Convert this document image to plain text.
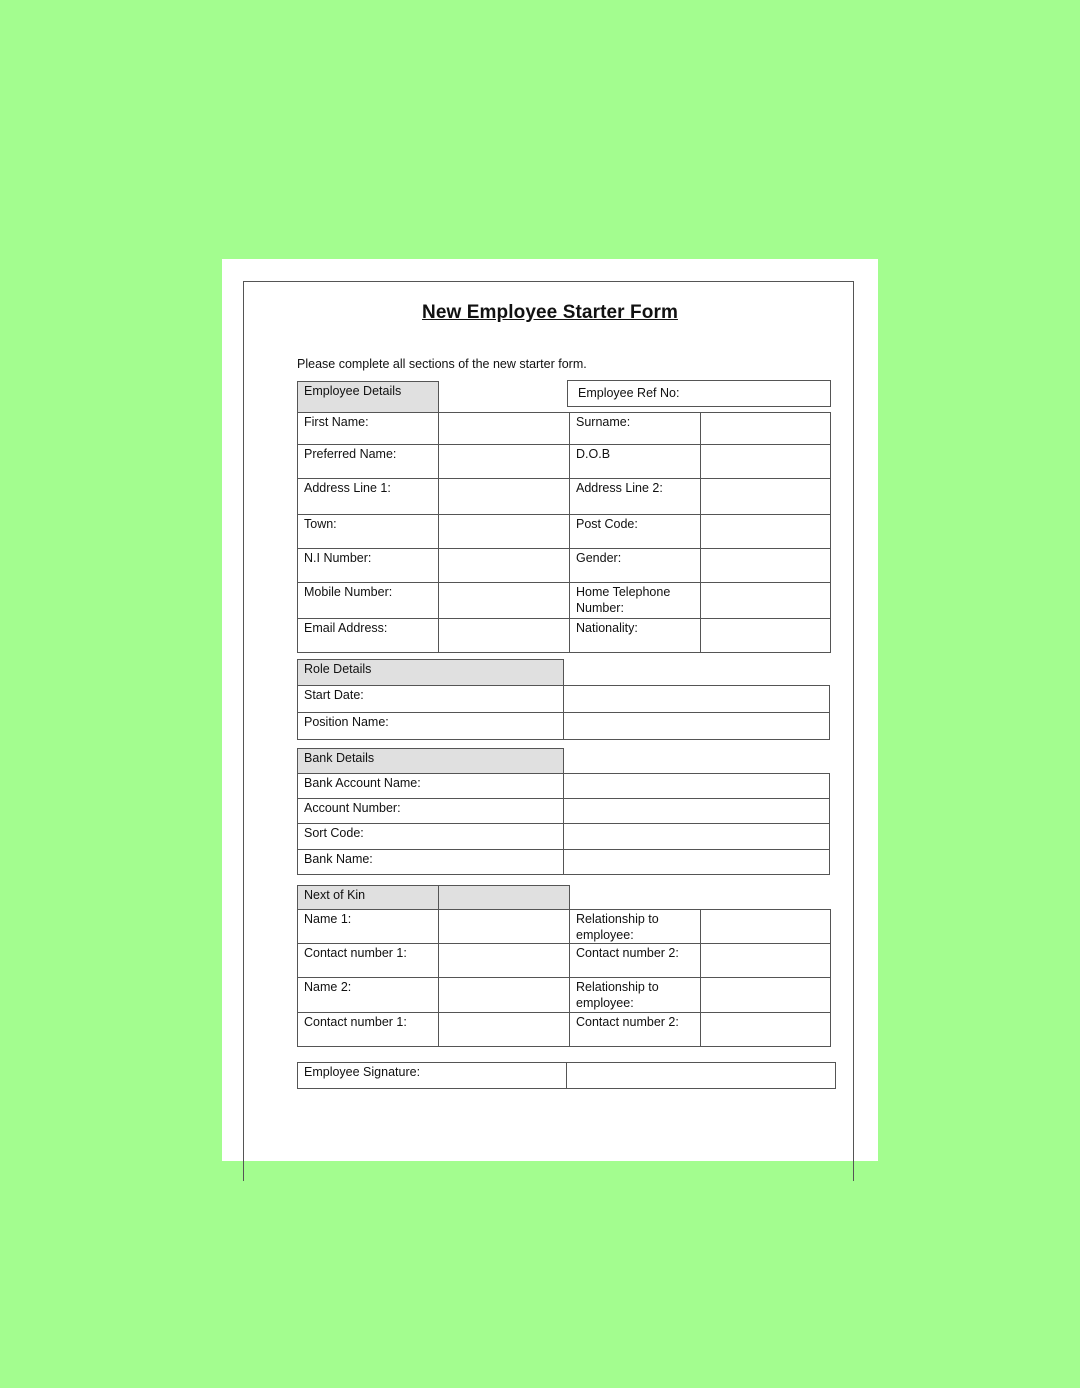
New Employee Starter Form
Please complete all sections of the new starter form.
Employee Details	Employee Ref No:
First Name:	Surname:
Preferred Name:	D.O.B
Address Line 1:	Address Line 2:
Town:	Post Code:
N.I Number:	Gender:
Mobile Number:	Home Telephone Number:
Email Address:	Nationality:
Role Details
Start Date:
Position Name:
Bank Details
Bank Account Name:
Account Number:
Sort Code:
Bank Name:
Next of Kin
Name 1:	Relationship to employee:
Contact number 1:	Contact number 2:
Name 2:	Relationship to employee:
Contact number 1:	Contact number 2:
Employee Signature:
